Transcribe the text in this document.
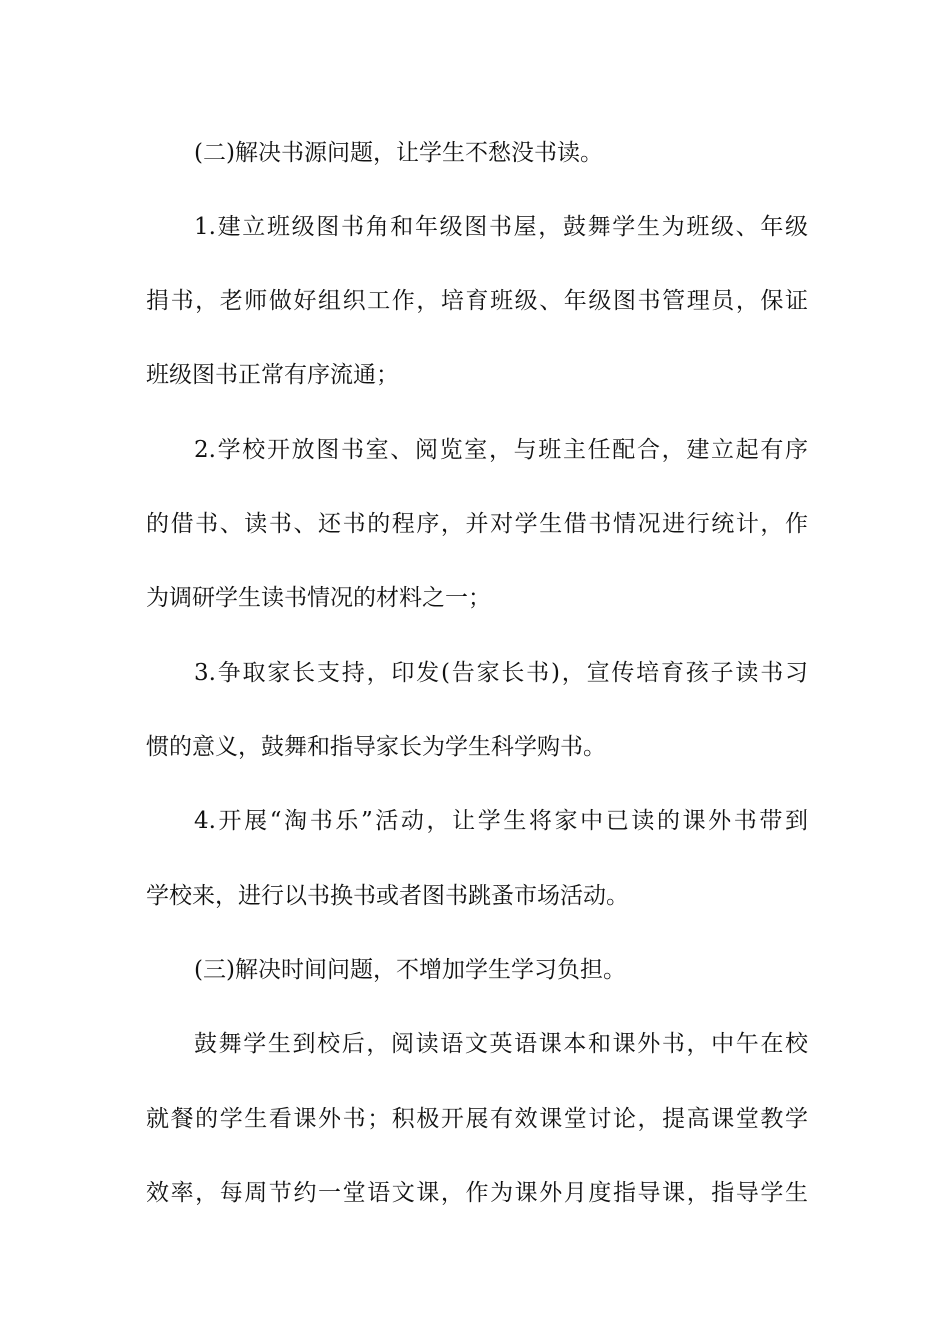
(二)解决书源问题，让学生不愁没书读。

1.建立班级图书角和年级图书屋，鼓舞学生为班级、年级

捐书，老师做好组织工作，培育班级、年级图书管理员，保证

班级图书正常有序流通；

2.学校开放图书室、阅览室，与班主任配合，建立起有序

的借书、读书、还书的程序，并对学生借书情况进行统计，作

为调研学生读书情况的材料之一；

3.争取家长支持，印发(告家长书)，宣传培育孩子读书习

惯的意义，鼓舞和指导家长为学生科学购书。

4.开展“淘书乐”活动，让学生将家中已读的课外书带到

学校来，进行以书换书或者图书跳蚤市场活动。

(三)解决时间问题，不增加学生学习负担。

鼓舞学生到校后，阅读语文英语课本和课外书，中午在校

就餐的学生看课外书；积极开展有效课堂讨论，提高课堂教学

效率，每周节约一堂语文课，作为课外月度指导课，指导学生
